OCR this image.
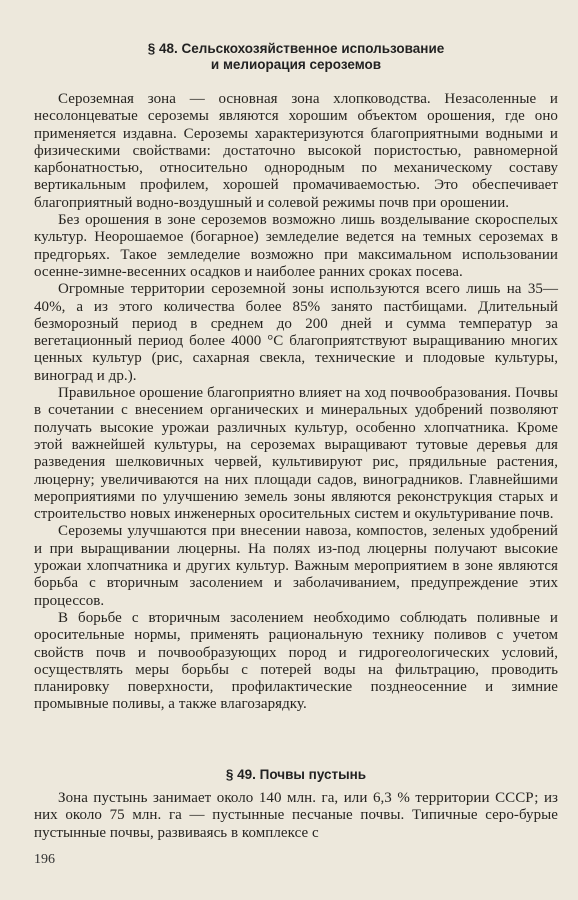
§ 48. Сельскохозяйственное использование
и мелиорация сероземов

Сероземная зона — основная зона хлопководства. Незасоленные и несолонцеватые сероземы являются хорошим объектом орошения, где оно применяется издавна. Сероземы характеризуются благоприятными водными и физическими свойствами: достаточно высокой пористостью, равномерной карбонатностью, относительно однородным по механическому составу вертикальным профилем, хорошей промачиваемостью. Это обеспечивает благоприятный водно-воздушный и солевой режимы почв при орошении.

Без орошения в зоне сероземов возможно лишь возделывание скороспелых культур. Неорошаемое (богарное) земледелие ведется на темных сероземах в предгорьях. Такое земледелие возможно при максимальном использовании осенне-зимне-весенних осадков и наиболее ранних сроках посева.

Огромные территории сероземной зоны используются всего лишь на 35—40%, а из этого количества более 85% занято пастбищами. Длительный безморозный период в среднем до 200 дней и сумма температур за вегетационный период более 4000 °С благоприятствуют выращиванию многих ценных культур (рис, сахарная свекла, технические и плодовые культуры, виноград и др.).

Правильное орошение благоприятно влияет на ход почвообразования. Почвы в сочетании с внесением органических и минеральных удобрений позволяют получать высокие урожаи различных культур, особенно хлопчатника. Кроме этой важнейшей культуры, на сероземах выращивают тутовые деревья для разведения шелковичных червей, культивируют рис, прядильные растения, люцерну; увеличиваются на них площади садов, виноградников. Главнейшими мероприятиями по улучшению земель зоны являются реконструкция старых и строительство новых инженерных оросительных систем и окультуривание почв.

Сероземы улучшаются при внесении навоза, компостов, зеленых удобрений и при выращивании люцерны. На полях из-под люцерны получают высокие урожаи хлопчатника и других культур. Важным мероприятием в зоне являются борьба с вторичным засолением и заболачиванием, предупреждение этих процессов.

В борьбе с вторичным засолением необходимо соблюдать поливные и оросительные нормы, применять рациональную технику поливов с учетом свойств почв и почвообразующих пород и гидрогеологических условий, осуществлять меры борьбы с потерей воды на фильтрацию, проводить планировку поверхности, профилактические позднеосенние и зимние промывные поливы, а также влагозарядку.

§ 49. Почвы пустынь

Зона пустынь занимает около 140 млн. га, или 6,3 % территории СССР; из них около 75 млн. га — пустынные песчаные почвы. Типичные серо-бурые пустынные почвы, развиваясь в комплексе с

196
